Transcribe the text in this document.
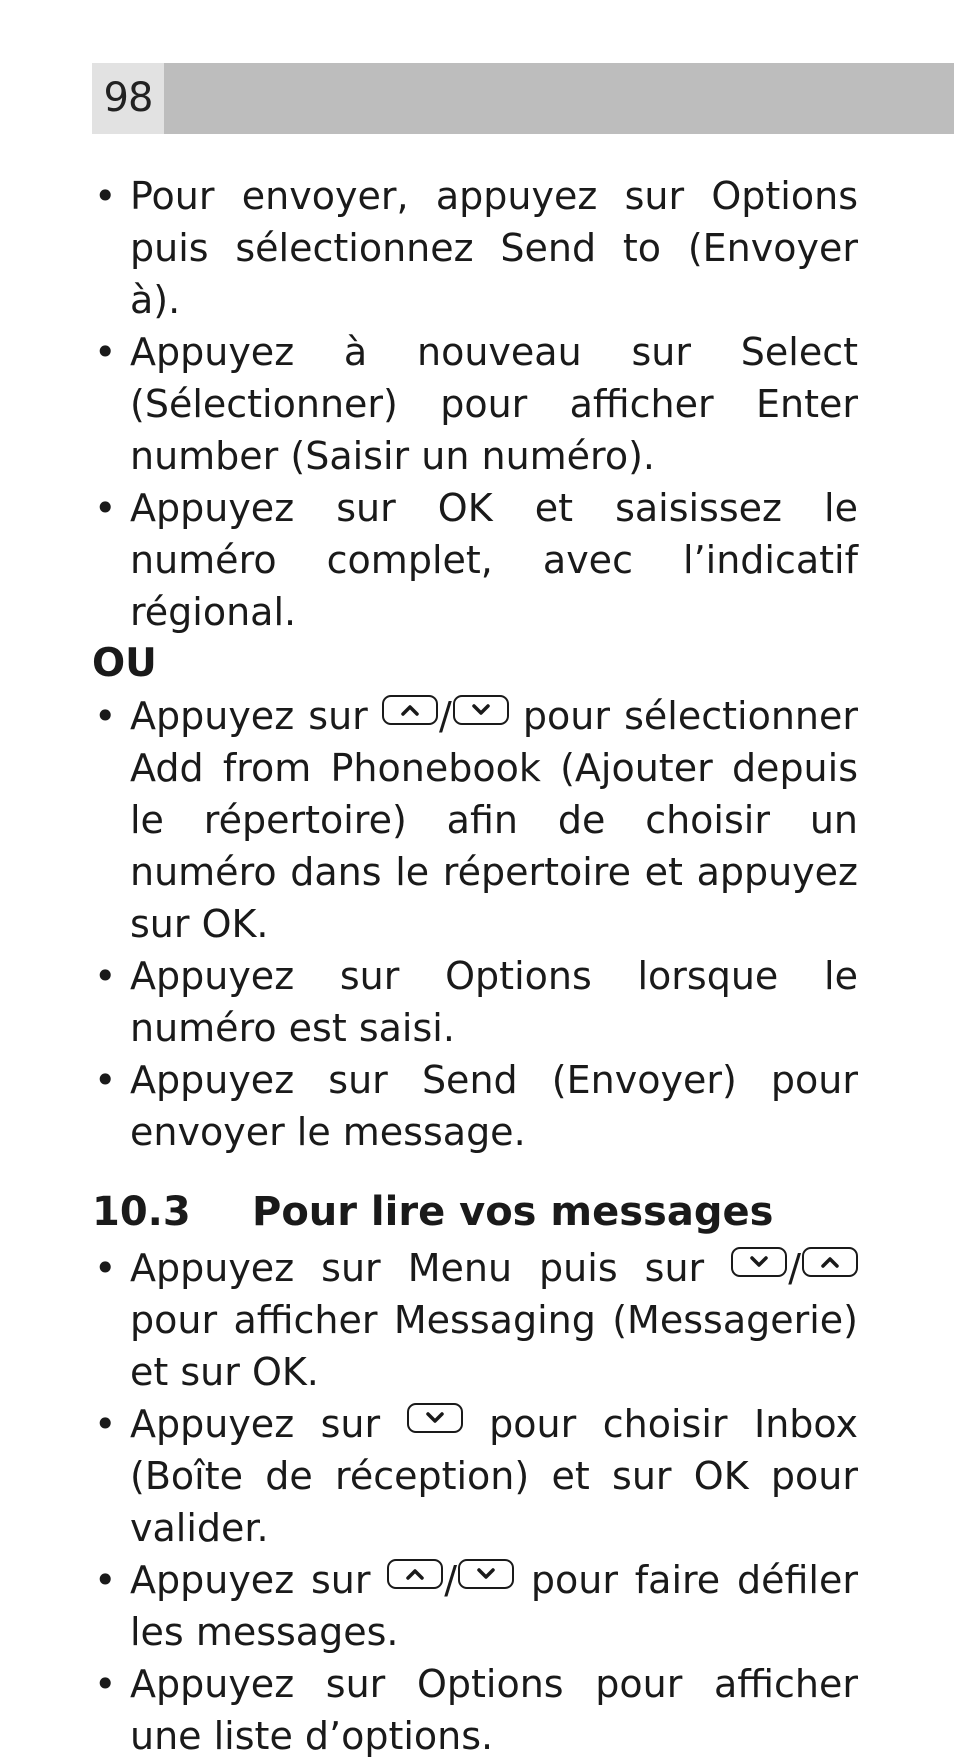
98
• Pour envoyer, appuyez sur Options puis sélectionnez Send to (Envoyer à).
• Appuyez à nouveau sur Select (Sélectionner) pour afficher Enter number (Saisir un numéro).
• Appuyez sur OK et saisissez le numéro complet, avec l’indicatif régional.

OU

• Appuyez sur
/
pour sélectionner Add from Phonebook (Ajouter depuis le répertoire) afin de choisir un numéro dans le répertoire et appuyez sur OK.
• Appuyez sur Options lorsque le numéro est saisi.
• Appuyez sur Send (Envoyer) pour envoyer le message.
10.3 Pour lire vos messages
• Appuyez sur Menu puis sur
/
pour afficher Messaging (Messagerie) et sur OK.
• Appuyez sur
pour choisir Inbox (Boîte de réception) et sur OK pour valider.
• Appuyez sur
/
pour faire défiler les messages.
• Appuyez sur Options pour afficher une liste d’options.
